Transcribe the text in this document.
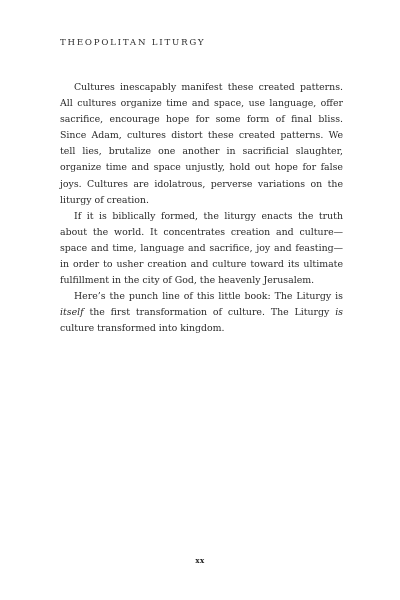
THEOPOLITAN LITURGY

Cultures inescapably manifest these created patterns. All cultures organize time and space, use language, offer sacrifice, encourage hope for some form of final bliss. Since Adam, cultures distort these created patterns. We tell lies, brutalize one another in sacrificial slaughter, organize time and space unjustly, hold out hope for false joys. Cultures are idolatrous, perverse variations on the liturgy of creation.

If it is biblically formed, the liturgy enacts the truth about the world. It concentrates creation and culture—space and time, language and sacrifice, joy and feasting—in order to usher creation and culture toward its ultimate fulfillment in the city of God, the heavenly Jerusalem.

Here’s the punch line of this little book: The Liturgy is itself the first transformation of culture. The Liturgy is culture transformed into kingdom.

xx
